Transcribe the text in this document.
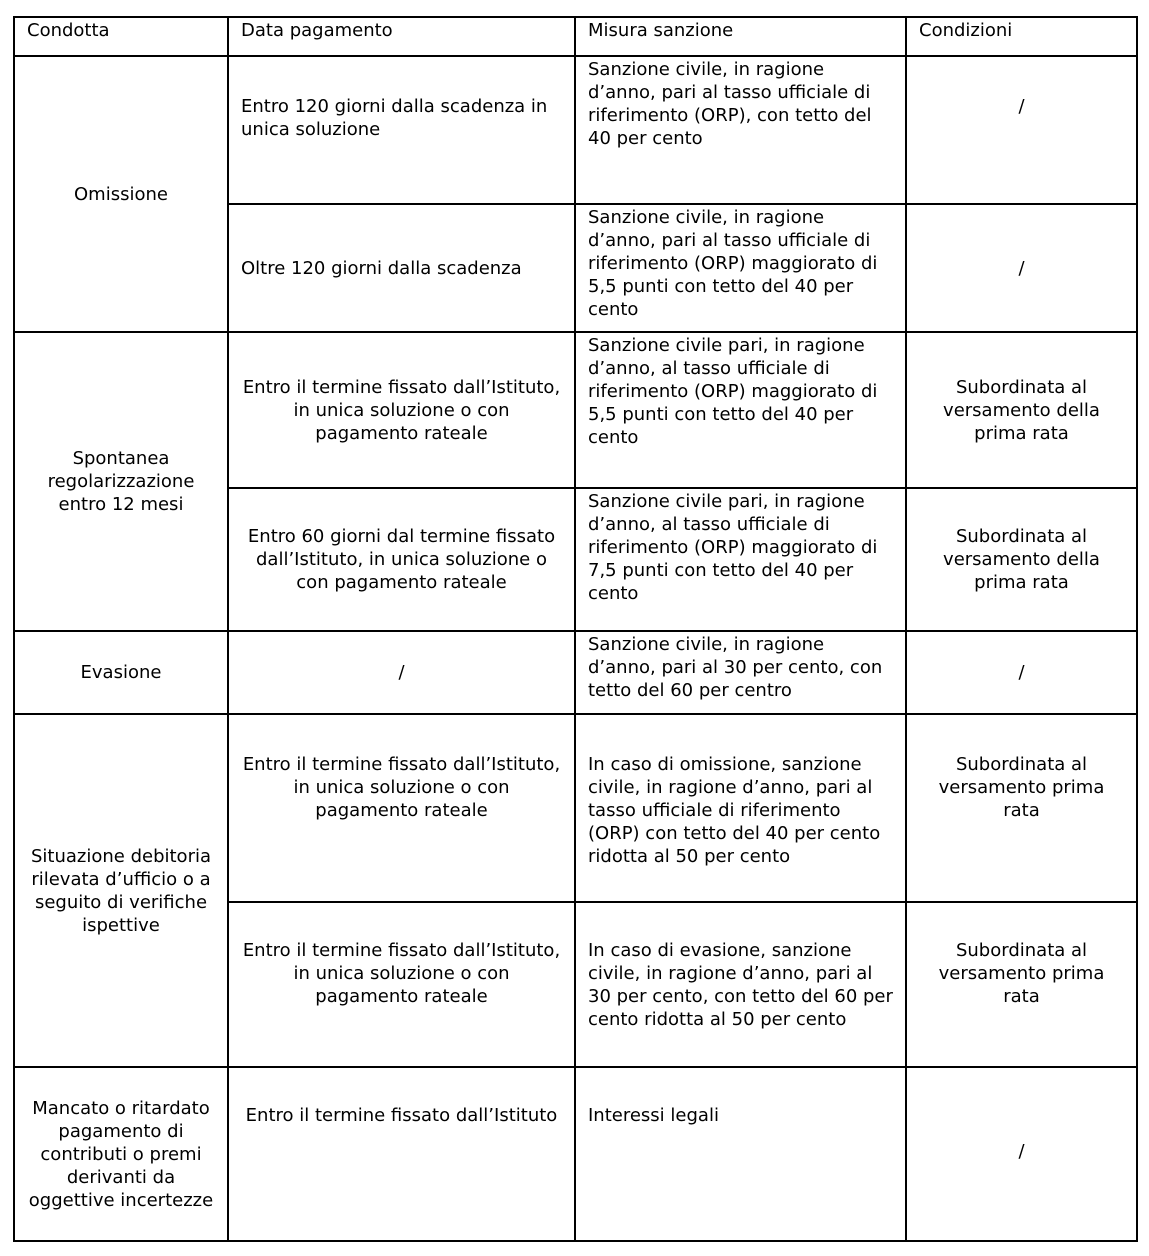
Condotta	Data pagamento	Misura sanzione	Condizioni
Omissione	Entro 120 giorni dalla scadenza in unica soluzione	Sanzione civile, in ragione d’anno, pari al tasso ufficiale di riferimento (ORP), con tetto del 40 per cento	/
	Oltre 120 giorni dalla scadenza	Sanzione civile, in ragione d’anno, pari al tasso ufficiale di riferimento (ORP) maggiorato di 5,5 punti con tetto del 40 per cento	/
Spontanea regolarizzazione entro 12 mesi	Entro il termine fissato dall’Istituto, in unica soluzione o con pagamento rateale	Sanzione civile pari, in ragione d’anno, al tasso ufficiale di riferimento (ORP) maggiorato di 5,5 punti con tetto del 40 per cento	Subordinata al versamento della prima rata
	Entro 60 giorni dal termine fissato dall’Istituto, in unica soluzione o con pagamento rateale	Sanzione civile pari, in ragione d’anno, al tasso ufficiale di riferimento (ORP) maggiorato di 7,5 punti con tetto del 40 per cento	Subordinata al versamento della prima rata
Evasione	/	Sanzione civile, in ragione d’anno, pari al 30 per cento, con tetto del 60 per centro	/
Situazione debitoria rilevata d’ufficio o a seguito di verifiche ispettive	Entro il termine fissato dall’Istituto, in unica soluzione o con pagamento rateale	In caso di omissione, sanzione civile, in ragione d’anno, pari al tasso ufficiale di riferimento (ORP) con tetto del 40 per cento ridotta al 50 per cento	Subordinata al versamento prima rata
	Entro il termine fissato dall’Istituto, in unica soluzione o con pagamento rateale	In caso di evasione, sanzione civile, in ragione d’anno, pari al 30 per cento, con tetto del 60 per cento ridotta al 50 per cento	Subordinata al versamento prima rata
Mancato o ritardato pagamento di contributi o premi derivanti da oggettive incertezze	Entro il termine fissato dall’Istituto	Interessi legali	/
